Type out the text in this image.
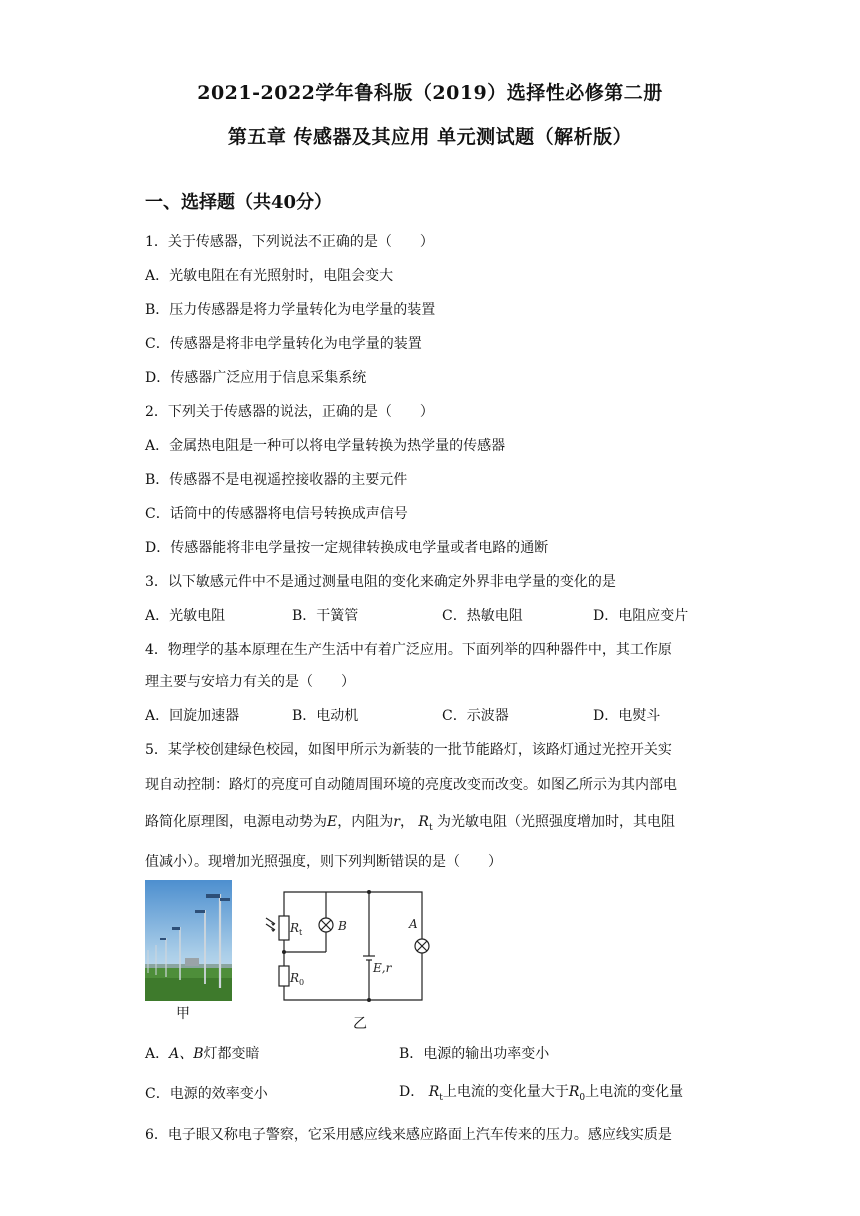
2021-2022学年鲁科版（2019）选择性必修第二册
第五章 传感器及其应用 单元测试题（解析版）
一、选择题（共40分）
1．关于传感器，下列说法不正确的是（　　）
A．光敏电阻在有光照射时，电阻会变大
B．压力传感器是将力学量转化为电学量的装置
C．传感器是将非电学量转化为电学量的装置
D．传感器广泛应用于信息采集系统
2．下列关于传感器的说法，正确的是（　　）
A．金属热电阻是一种可以将电学量转换为热学量的传感器
B．传感器不是电视遥控接收器的主要元件
C．话筒中的传感器将电信号转换成声信号
D．传感器能将非电学量按一定规律转换成电学量或者电路的通断
3．以下敏感元件中不是通过测量电阻的变化来确定外界非电学量的变化的是
A．光敏电阻	B．干簧管	C．热敏电阻	D．电阻应变片
4．物理学的基本原理在生产生活中有着广泛应用。下面列举的四种器件中，其工作原
理主要与安培力有关的是（　　）
A．回旋加速器	B．电动机	C．示波器	D．电熨斗
5．某学校创建绿色校园，如图甲所示为新装的一批节能路灯，该路灯通过光控开关实
现自动控制：路灯的亮度可自动随周围环境的亮度改变而改变。如图乙所示为其内部电
路简化原理图，电源电动势为E，内阻为r， $R_t$ 为光敏电阻（光照强度增加时，其电阻
值减小）。现增加光照强度，则下列判断错误的是（　　）
甲
$R_t$	B
$R_0$
E,r
A
乙
A．A、B灯都变暗	B．电源的输出功率变小
C．电源的效率变小	D． $R_t$上电流的变化量大于$R_0$上电流的变化量
6．电子眼又称电子警察，它采用感应线来感应路面上汽车传来的压力。感应线实质是
